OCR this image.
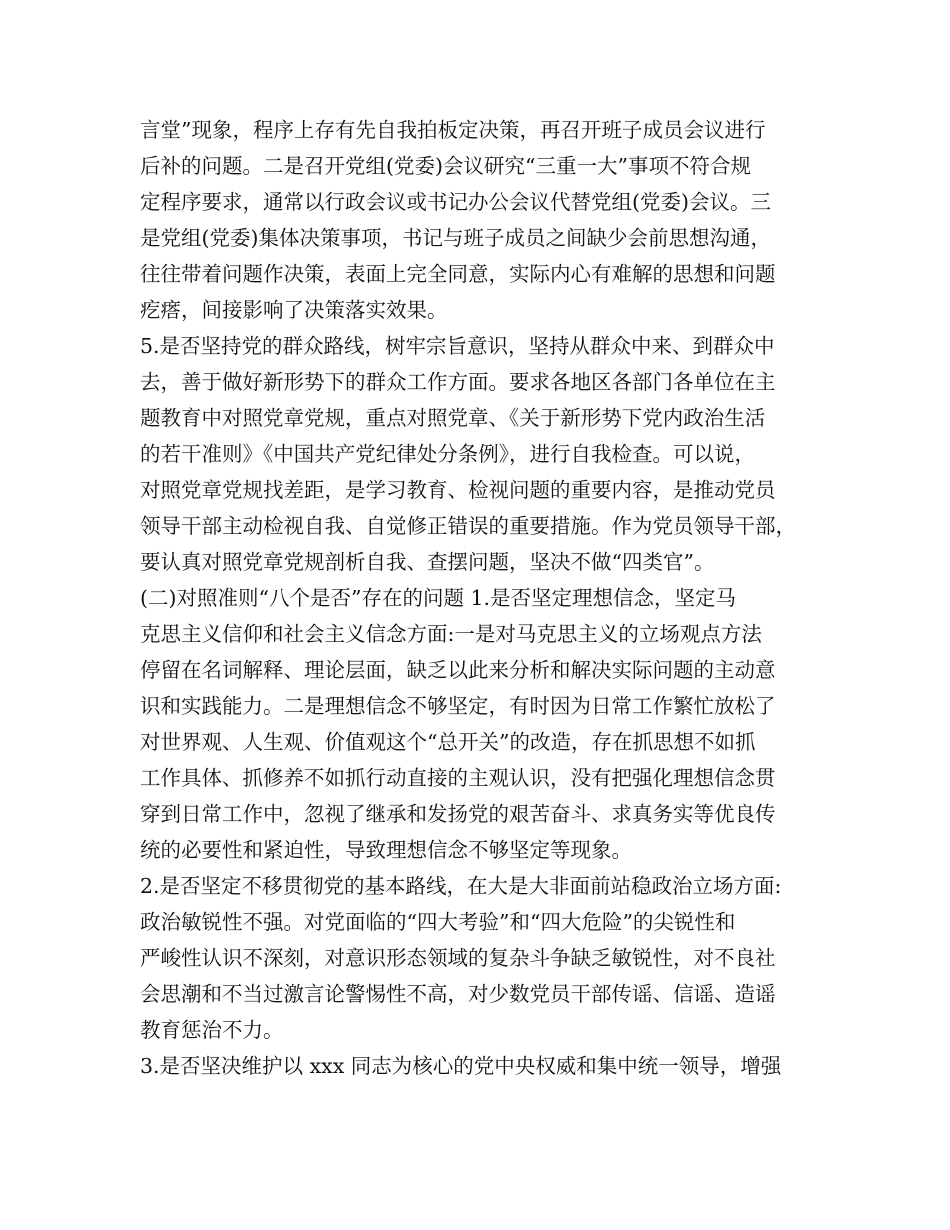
言堂”现象，程序上存有先自我拍板定决策，再召开班子成员会议进行
后补的问题。二是召开党组(党委)会议研究“三重一大”事项不符合规
定程序要求，通常以行政会议或书记办公会议代替党组(党委)会议。三
是党组(党委)集体决策事项，书记与班子成员之间缺少会前思想沟通，
往往带着问题作决策，表面上完全同意，实际内心有难解的思想和问题
疙瘩，间接影响了决策落实效果。
5.是否坚持党的群众路线，树牢宗旨意识，坚持从群众中来、到群众中
去，善于做好新形势下的群众工作方面。要求各地区各部门各单位在主
题教育中对照党章党规，重点对照党章、《关于新形势下党内政治生活
的若干准则》《中国共产党纪律处分条例》，进行自我检查。可以说，
对照党章党规找差距，是学习教育、检视问题的重要内容，是推动党员
领导干部主动检视自我、自觉修正错误的重要措施。作为党员领导干部，
要认真对照党章党规剖析自我、查摆问题，坚决不做“四类官”。
(二)对照准则“八个是否”存在的问题 1.是否坚定理想信念，坚定马
克思主义信仰和社会主义信念方面:一是对马克思主义的立场观点方法
停留在名词解释、理论层面，缺乏以此来分析和解决实际问题的主动意
识和实践能力。二是理想信念不够坚定，有时因为日常工作繁忙放松了
对世界观、人生观、价值观这个“总开关”的改造，存在抓思想不如抓
工作具体、抓修养不如抓行动直接的主观认识，没有把强化理想信念贯
穿到日常工作中，忽视了继承和发扬党的艰苦奋斗、求真务实等优良传
统的必要性和紧迫性，导致理想信念不够坚定等现象。
2.是否坚定不移贯彻党的基本路线，在大是大非面前站稳政治立场方面:
政治敏锐性不强。对党面临的“四大考验”和“四大危险”的尖锐性和
严峻性认识不深刻，对意识形态领域的复杂斗争缺乏敏锐性，对不良社
会思潮和不当过激言论警惕性不高，对少数党员干部传谣、信谣、造谣
教育惩治不力。
3.是否坚决维护以 xxx 同志为核心的党中央权威和集中统一领导，增强
